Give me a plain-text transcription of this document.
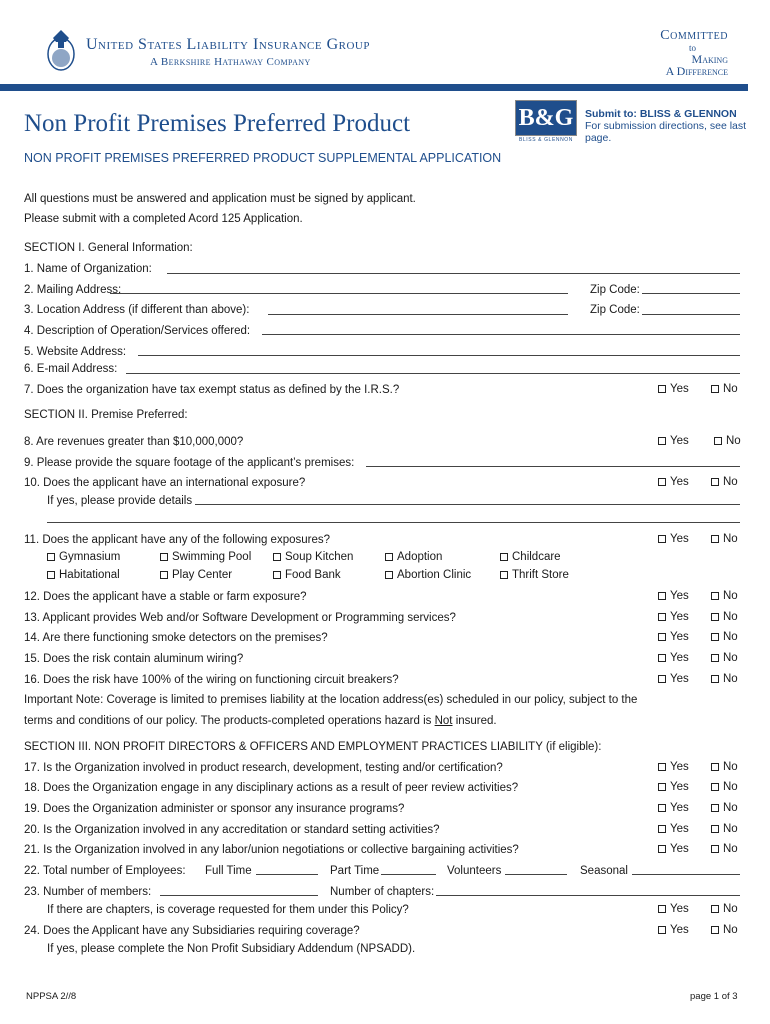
United States Liability Insurance Group
A Berkshire Hathaway Company
Committed
to
Making
A Difference
Non Profit Premises Preferred Product	B&G
BLISS & GLENNON
Submit to: BLISS & GLENNON
For submission directions, see last page.
NON PROFIT PREMISES PREFERRED PRODUCT SUPPLEMENTAL APPLICATION
All questions must be answered and application must be signed by applicant.
Please submit with a completed Acord 125 Application.
SECTION I. General Information:
1. Name of Organization:
2. Mailing Address:	Zip Code:
3. Location Address (if different than above):	Zip Code:
4. Description of Operation/Services offered:
5. Website Address:
6. E-mail Address:
7. Does the organization have tax exempt status as defined by the I.R.S.?	Yes	No
SECTION II. Premise Preferred:
8. Are revenues greater than $10,000,000?	Yes	No
9. Please provide the square footage of the applicant’s premises:
10. Does the applicant have an international exposure?	Yes	No
If yes, please provide details
11. Does the applicant have any of the following exposures?	Yes	No
Gymnasium	Swimming Pool	Soup Kitchen	Adoption	Childcare
Habitational	Play Center	Food Bank	Abortion Clinic	Thrift Store
12. Does the applicant have a stable or farm exposure?	Yes	No
13. Applicant provides Web and/or Software Development or Programming services?	Yes	No
14. Are there functioning smoke detectors on the premises?	Yes	No
15. Does the risk contain aluminum wiring?	Yes	No
16. Does the risk have 100% of the wiring on functioning circuit breakers?	Yes	No
Important Note: Coverage is limited to premises liability at the location address(es) scheduled in our policy, subject to the
terms and conditions of our policy. The products-completed operations hazard is Not insured.
SECTION III. NON PROFIT DIRECTORS & OFFICERS AND EMPLOYMENT PRACTICES LIABILITY (if eligible):
17. Is the Organization involved in product research, development, testing and/or certification?	Yes	No
18. Does the Organization engage in any disciplinary actions as a result of peer review activities?	Yes	No
19. Does the Organization administer or sponsor any insurance programs?	Yes	No
20. Is the Organization involved in any accreditation or standard setting activities?	Yes	No
21. Is the Organization involved in any labor/union negotiations or collective bargaining activities?	Yes	No
22. Total number of Employees: Full Time	Part Time	Volunteers	Seasonal
23. Number of members:	Number of chapters:
If there are chapters, is coverage requested for them under this Policy?	Yes	No
24. Does the Applicant have any Subsidiaries requiring coverage?	Yes	No
If yes, please complete the Non Profit Subsidiary Addendum (NPSADD).
NPPSA 2//8	page 1 of 3
